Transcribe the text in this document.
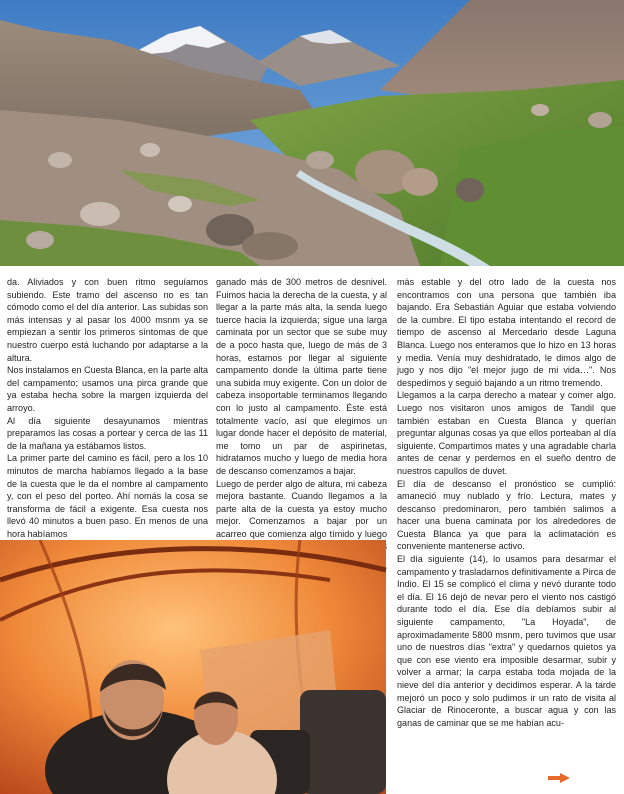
da. Aliviados y con buen ritmo seguíamos subiendo. Este tramo del ascenso no es tan cómodo como el del día anterior. Las subidas son más intensas y al pasar los 4000 msnm ya se empiezan a sentir los primeros síntomas de que nuestro cuerpo está luchando por adaptarse a la altura.

Nos instalamos en Cuesta Blanca, en la parte alta del campamento; usamos una pirca grande que ya estaba hecha sobre la margen izquierda del arroyo.

Al día siguiente desayunamos mientras preparamos las cosas a portear y cerca de las 11 de la mañana ya estábamos listos.

La primer parte del camino es fácil, pero a los 10 minutos de marcha habíamos llegado a la base de la cuesta que le da el nombre al campamento y, con el peso del porteo. Ahí nomás la cosa se transforma de fácil a exigente. Esa cuesta nos llevó 40 minutos a buen paso. En menos de una hora habíamos

ganado más de 300 metros de desnivel. Fuimos hacia la derecha de la cuesta, y al llegar a la parte más alta, la senda luego tuerce hacia la izquierda; sigue una larga caminata por un sector que se sube muy de a poco hasta que, luego de más de 3 horas, estamos por llegar al siguiente campamento donde la última parte tiene una subida muy exigente. Con un dolor de cabeza insoportable terminamos llegando con lo justo al campamento. Éste está totalmente vacío, así que elegimos un lugar donde hacer el depósito de material, me tomo un par de aspirinetas, hidratamos mucho y luego de media hora de descanso comenzamos a bajar.

Luego de perder algo de altura, mi cabeza mejora bastante. Cuando llegamos a la parte alta de la cuesta ya estoy mucho mejor. Comenzamos a bajar por un acarreo que comienza algo tímido y luego

más estable y del otro lado de la cuesta nos encontramos con una persona que también iba bajando. Era Sebastián Aguiar que estaba volviendo de la cumbre. El tipo estaba intentando el record de tiempo de ascenso al Mercedario desde Laguna Blanca. Luego nos enteramos que lo hizo en 13 horas y media. Venía muy deshidratado, le dimos algo de jugo y nos dijo "el mejor jugo de mi vida…". Nos despedimos y seguió bajando a un ritmo tremendo.

Llegamos a la carpa derecho a matear y comer algo. Luego nos visitaron unos amigos de Tandil que también estaban en Cuesta Blanca y querían preguntar algunas cosas ya que ellos porteaban al día siguiente. Compartimos mates y una agradable charla antes de cenar y perdernos en el sueño dentro de nuestros capullos de duvet.

El día de descanso el pronóstico se cumplió: amaneció muy nublado y frío. Lectura, mates y descanso predominaron, pero también salimos a hacer una buena caminata por los alrededores de Cuesta Blanca ya que para la aclimatación es conveniente mantenerse activo.

El día siguiente (14), lo usamos para desarmar el campamento y trasladarnos definitivamente a Pirca de Indio. El 15 se complicó el clima y nevó durante todo el día. El 16 dejó de nevar pero el viento nos castigó durante todo el día. Ese día debíamos subir al siguiente campamento, "La Hoyada", de aproximadamente 5800 msnm, pero tuvimos que usar uno de nuestros días "extra" y quedarnos quietos ya que con ese viento era imposible desarmar, subir y volver a armar; la carpa estaba toda mojada de la nieve del día anterior y decidimos esperar. A la tarde mejoró un poco y solo pudimos ir un rato de visita al Glaciar de Rinoceronte, a buscar agua y con las ganas de caminar que se me habían acu-
